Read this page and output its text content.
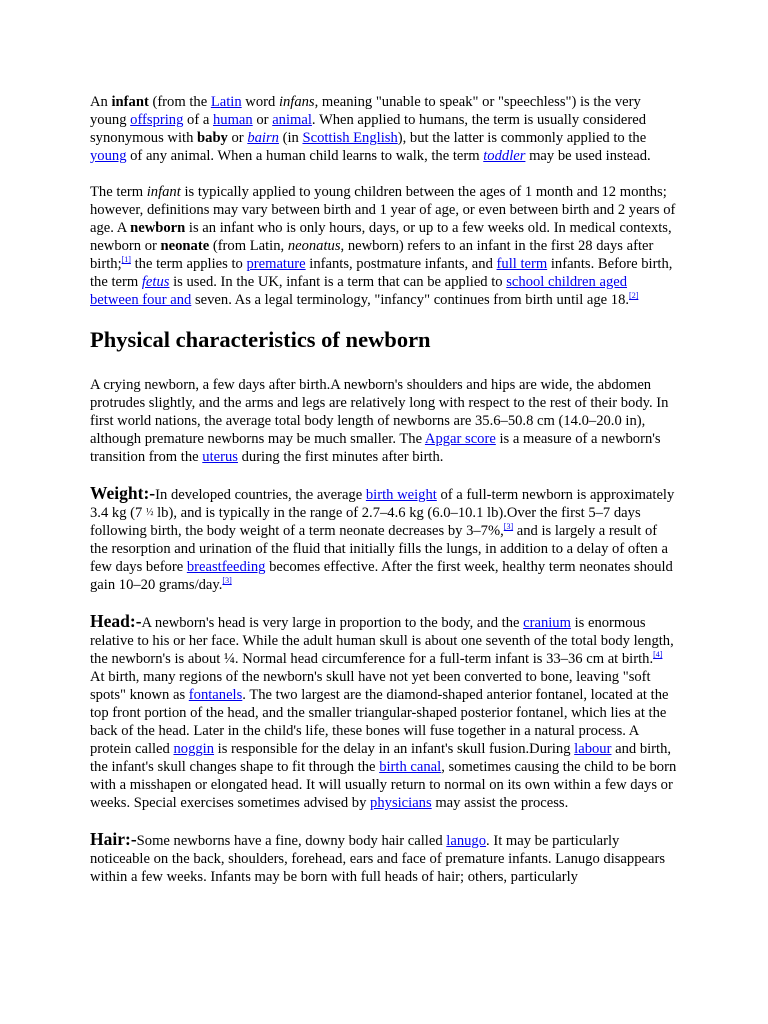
An infant (from the Latin word infans, meaning "unable to speak" or "speechless") is the very young offspring of a human or animal. When applied to humans, the term is usually considered synonymous with baby or bairn (in Scottish English), but the latter is commonly applied to the young of any animal. When a human child learns to walk, the term toddler may be used instead.

The term infant is typically applied to young children between the ages of 1 month and 12 months; however, definitions may vary between birth and 1 year of age, or even between birth and 2 years of age. A newborn is an infant who is only hours, days, or up to a few weeks old. In medical contexts, newborn or neonate (from Latin, neonatus, newborn) refers to an infant in the first 28 days after birth;[1] the term applies to premature infants, postmature infants, and full term infants. Before birth, the term fetus is used. In the UK, infant is a term that can be applied to school children aged between four and seven. As a legal terminology, "infancy" continues from birth until age 18.[2]

Physical characteristics of newborn

A crying newborn, a few days after birth.A newborn's shoulders and hips are wide, the abdomen protrudes slightly, and the arms and legs are relatively long with respect to the rest of their body. In first world nations, the average total body length of newborns are 35.6–50.8 cm (14.0–20.0 in), although premature newborns may be much smaller. The Apgar score is a measure of a newborn's transition from the uterus during the first minutes after birth.

Weight:-In developed countries, the average birth weight of a full-term newborn is approximately 3.4 kg (7 ½ lb), and is typically in the range of 2.7–4.6 kg (6.0–10.1 lb).Over the first 5–7 days following birth, the body weight of a term neonate decreases by 3–7%,[3] and is largely a result of the resorption and urination of the fluid that initially fills the lungs, in addition to a delay of often a few days before breastfeeding becomes effective. After the first week, healthy term neonates should gain 10–20 grams/day.[3]

Head:-A newborn's head is very large in proportion to the body, and the cranium is enormous relative to his or her face. While the adult human skull is about one seventh of the total body length, the newborn's is about ¼. Normal head circumference for a full-term infant is 33–36 cm at birth.[4] At birth, many regions of the newborn's skull have not yet been converted to bone, leaving "soft spots" known as fontanels. The two largest are the diamond-shaped anterior fontanel, located at the top front portion of the head, and the smaller triangular-shaped posterior fontanel, which lies at the back of the head. Later in the child's life, these bones will fuse together in a natural process. A protein called noggin is responsible for the delay in an infant's skull fusion.During labour and birth, the infant's skull changes shape to fit through the birth canal, sometimes causing the child to be born with a misshapen or elongated head. It will usually return to normal on its own within a few days or weeks. Special exercises sometimes advised by physicians may assist the process.

Hair:-Some newborns have a fine, downy body hair called lanugo. It may be particularly noticeable on the back, shoulders, forehead, ears and face of premature infants. Lanugo disappears within a few weeks. Infants may be born with full heads of hair; others, particularly
